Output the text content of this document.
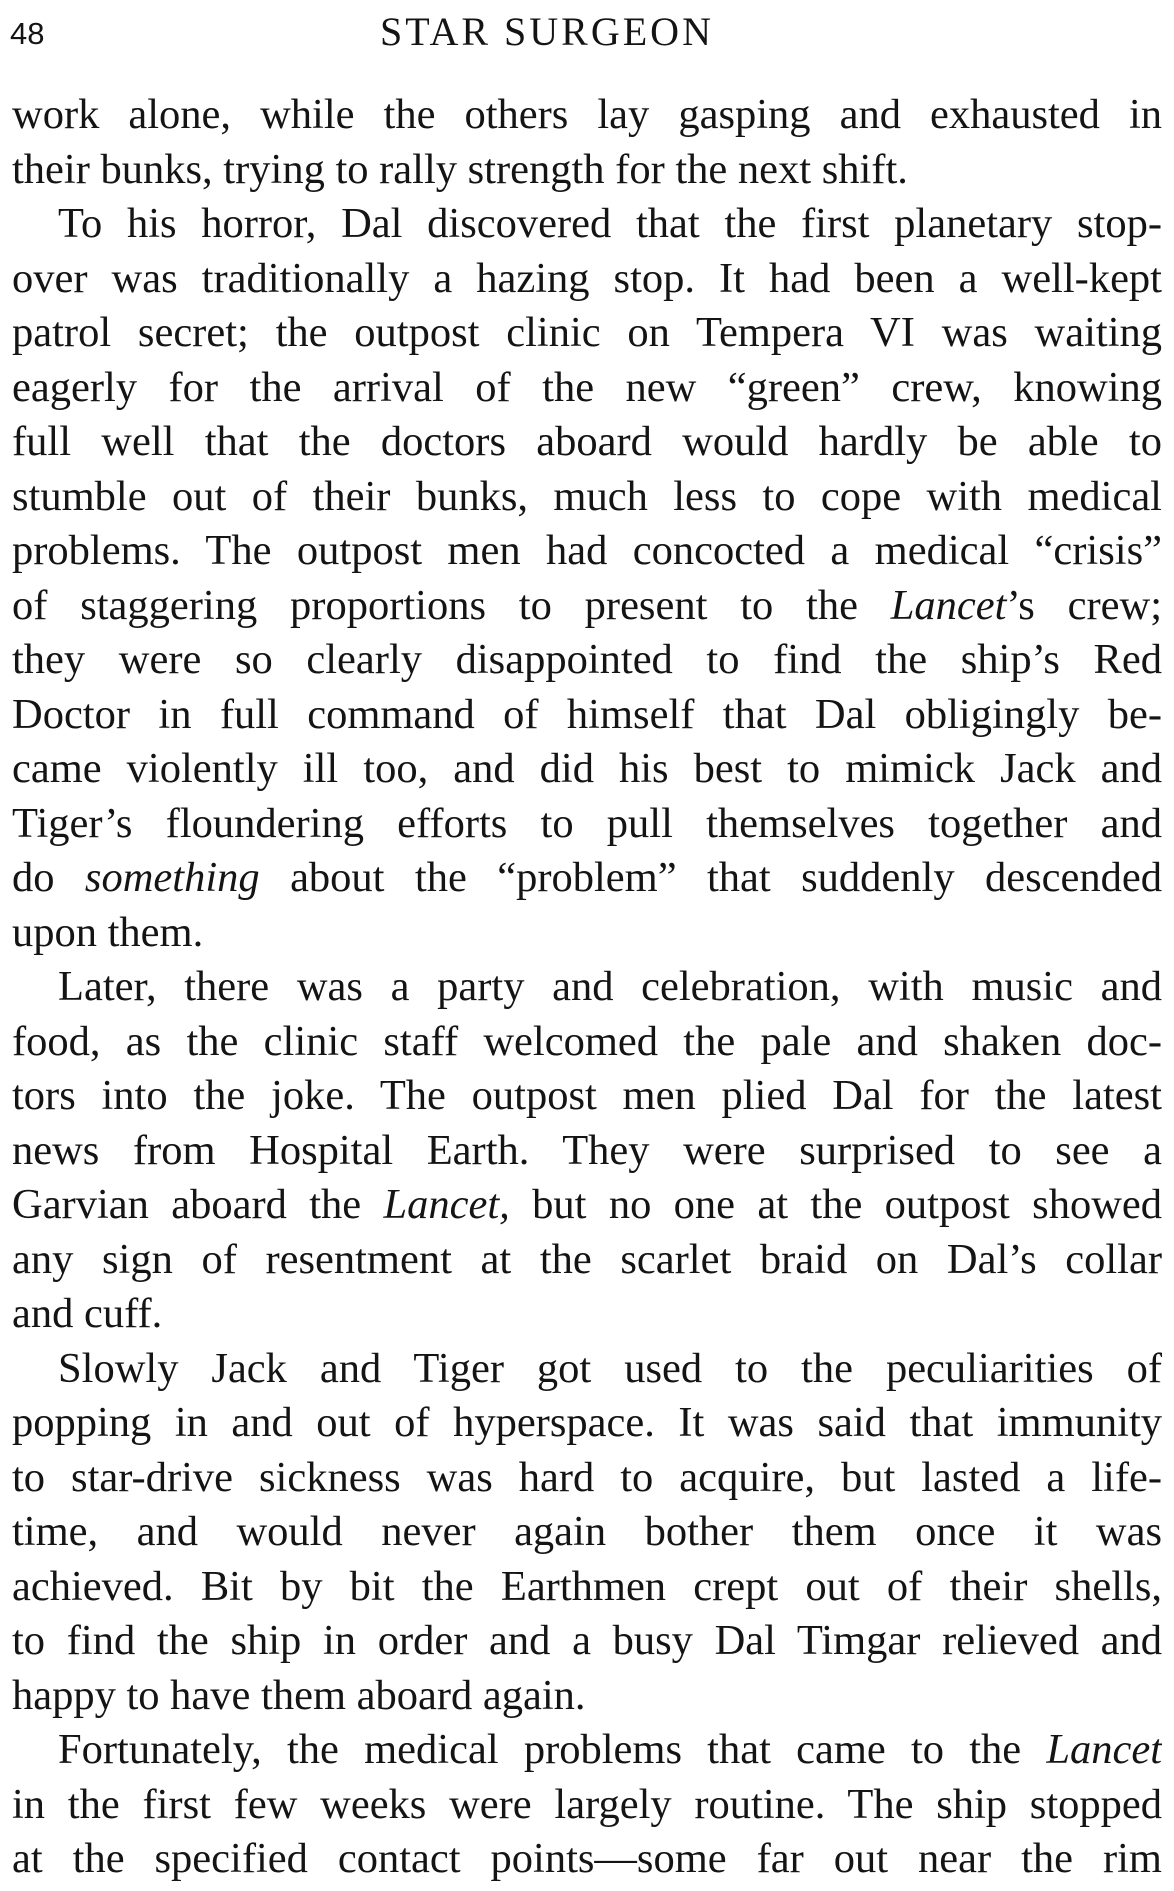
48	STAR SURGEON
work alone, while the others lay gasping and exhausted in
their bunks, trying to rally strength for the next shift.
To his horror, Dal discovered that the first planetary stop-
over was traditionally a hazing stop. It had been a well-kept
patrol secret; the outpost clinic on Tempera VI was waiting
eagerly for the arrival of the new “green” crew, knowing
full well that the doctors aboard would hardly be able to
stumble out of their bunks, much less to cope with medical
problems. The outpost men had concocted a medical “crisis”
of staggering proportions to present to the Lancet’s crew;
they were so clearly disappointed to find the ship’s Red
Doctor in full command of himself that Dal obligingly be-
came violently ill too, and did his best to mimick Jack and
Tiger’s floundering efforts to pull themselves together and
do something about the “problem” that suddenly descended
upon them.
Later, there was a party and celebration, with music and
food, as the clinic staff welcomed the pale and shaken doc-
tors into the joke. The outpost men plied Dal for the latest
news from Hospital Earth. They were surprised to see a
Garvian aboard the Lancet, but no one at the outpost showed
any sign of resentment at the scarlet braid on Dal’s collar
and cuff.
Slowly Jack and Tiger got used to the peculiarities of
popping in and out of hyperspace. It was said that immunity
to star-drive sickness was hard to acquire, but lasted a life-
time, and would never again bother them once it was
achieved. Bit by bit the Earthmen crept out of their shells,
to find the ship in order and a busy Dal Timgar relieved and
happy to have them aboard again.
Fortunately, the medical problems that came to the Lancet
in the first few weeks were largely routine. The ship stopped
at the specified contact points—some far out near the rim
